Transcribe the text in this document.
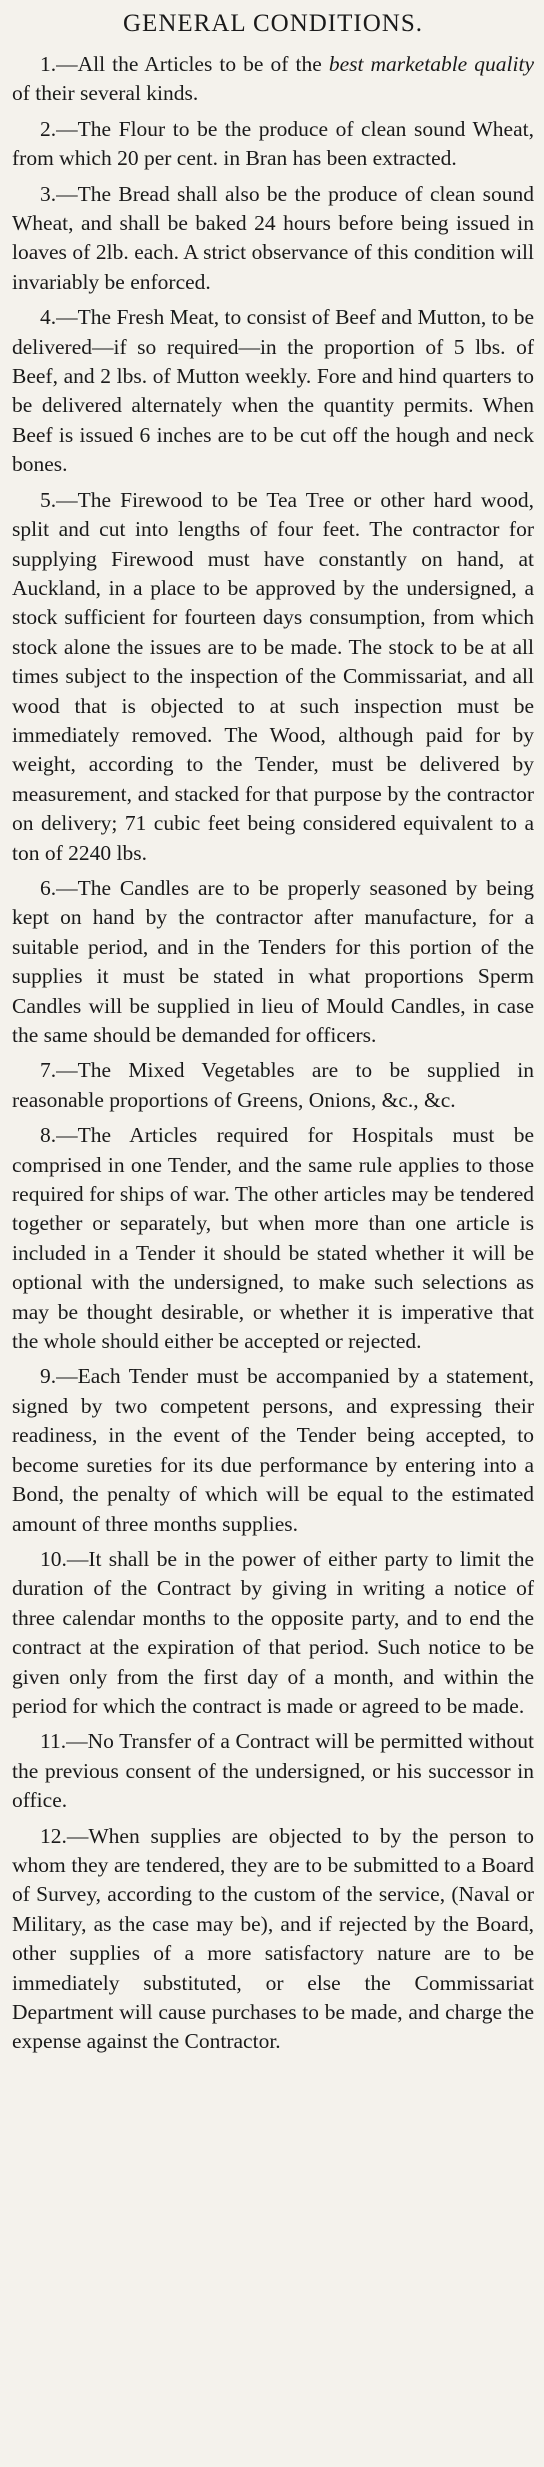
GENERAL CONDITIONS.

1.—All the Articles to be of the best marketable quality of their several kinds.

2.—The Flour to be the produce of clean sound Wheat, from which 20 per cent. in Bran has been extracted.

3.—The Bread shall also be the produce of clean sound Wheat, and shall be baked 24 hours before being issued in loaves of 2lb. each. A strict observance of this condition will invariably be enforced.

4.—The Fresh Meat, to consist of Beef and Mutton, to be delivered—if so required—in the proportion of 5 lbs. of Beef, and 2 lbs. of Mutton weekly. Fore and hind quarters to be delivered alternately when the quantity permits. When Beef is issued 6 inches are to be cut off the hough and neck bones.

5.—The Firewood to be Tea Tree or other hard wood, split and cut into lengths of four feet. The contractor for supplying Firewood must have constantly on hand, at Auckland, in a place to be approved by the undersigned, a stock sufficient for fourteen days consumption, from which stock alone the issues are to be made. The stock to be at all times subject to the inspection of the Commissariat, and all wood that is objected to at such inspection must be immediately removed. The Wood, although paid for by weight, according to the Tender, must be delivered by measurement, and stacked for that purpose by the contractor on delivery; 71 cubic feet being considered equivalent to a ton of 2240 lbs.

6.—The Candles are to be properly seasoned by being kept on hand by the contractor after manufacture, for a suitable period, and in the Tenders for this portion of the supplies it must be stated in what proportions Sperm Candles will be supplied in lieu of Mould Candles, in case the same should be demanded for officers.

7.—The Mixed Vegetables are to be supplied in reasonable proportions of Greens, Onions, &c., &c.

8.—The Articles required for Hospitals must be comprised in one Tender, and the same rule applies to those required for ships of war. The other articles may be tendered together or separately, but when more than one article is included in a Tender it should be stated whether it will be optional with the undersigned, to make such selections as may be thought desirable, or whether it is imperative that the whole should either be accepted or rejected.

9.—Each Tender must be accompanied by a statement, signed by two competent persons, and expressing their readiness, in the event of the Tender being accepted, to become sureties for its due performance by entering into a Bond, the penalty of which will be equal to the estimated amount of three months supplies.

10.—It shall be in the power of either party to limit the duration of the Contract by giving in writing a notice of three calendar months to the opposite party, and to end the contract at the expiration of that period. Such notice to be given only from the first day of a month, and within the period for which the contract is made or agreed to be made.

11.—No Transfer of a Contract will be permitted without the previous consent of the undersigned, or his successor in office.

12.—When supplies are objected to by the person to whom they are tendered, they are to be submitted to a Board of Survey, according to the custom of the service, (Naval or Military, as the case may be), and if rejected by the Board, other supplies of a more satisfactory nature are to be immediately substituted, or else the Commissariat Department will cause purchases to be made, and charge the expense against the Contractor.
